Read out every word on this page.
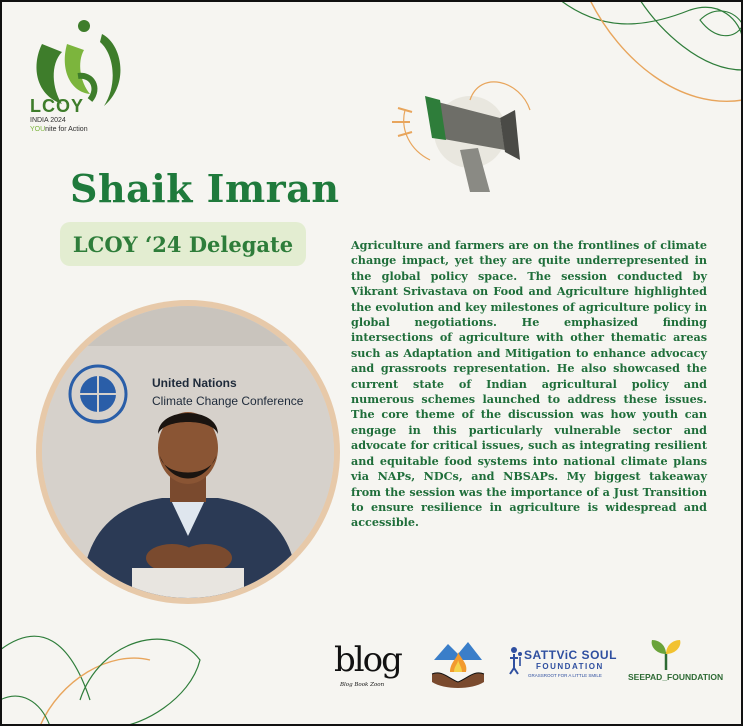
LCOY
INDIA 2024
YOUnite for Action
Shaik Imran
LCOY ‘24 Delegate
United Nations
Climate Change Conference
Agriculture and farmers are on the frontlines of climate change impact, yet they are quite underrepresented in the global policy space. The session conducted by Vikrant Srivastava on Food and Agriculture highlighted the evolution and key milestones of agriculture policy in global negotiations. He emphasized finding intersections of agriculture with other thematic areas such as Adaptation and Mitigation to enhance advocacy and grassroots representation. He also showcased the current state of Indian agricultural policy and numerous schemes launched to address these issues. The core theme of the discussion was how youth can engage in this particularly vulnerable sector and advocate for critical issues, such as integrating resilient and equitable food systems into national climate plans via NAPs, NDCs, and NBSAPs. My biggest takeaway from the session was the importance of a Just Transition to ensure resilience in agriculture is widespread and accessible.
blog
Blog Book Zoon
SATTViC SOUL
FOUNDATION
GRASSROOT FOR A LITTLE SMILE	SEEPAD_FOUNDATION
